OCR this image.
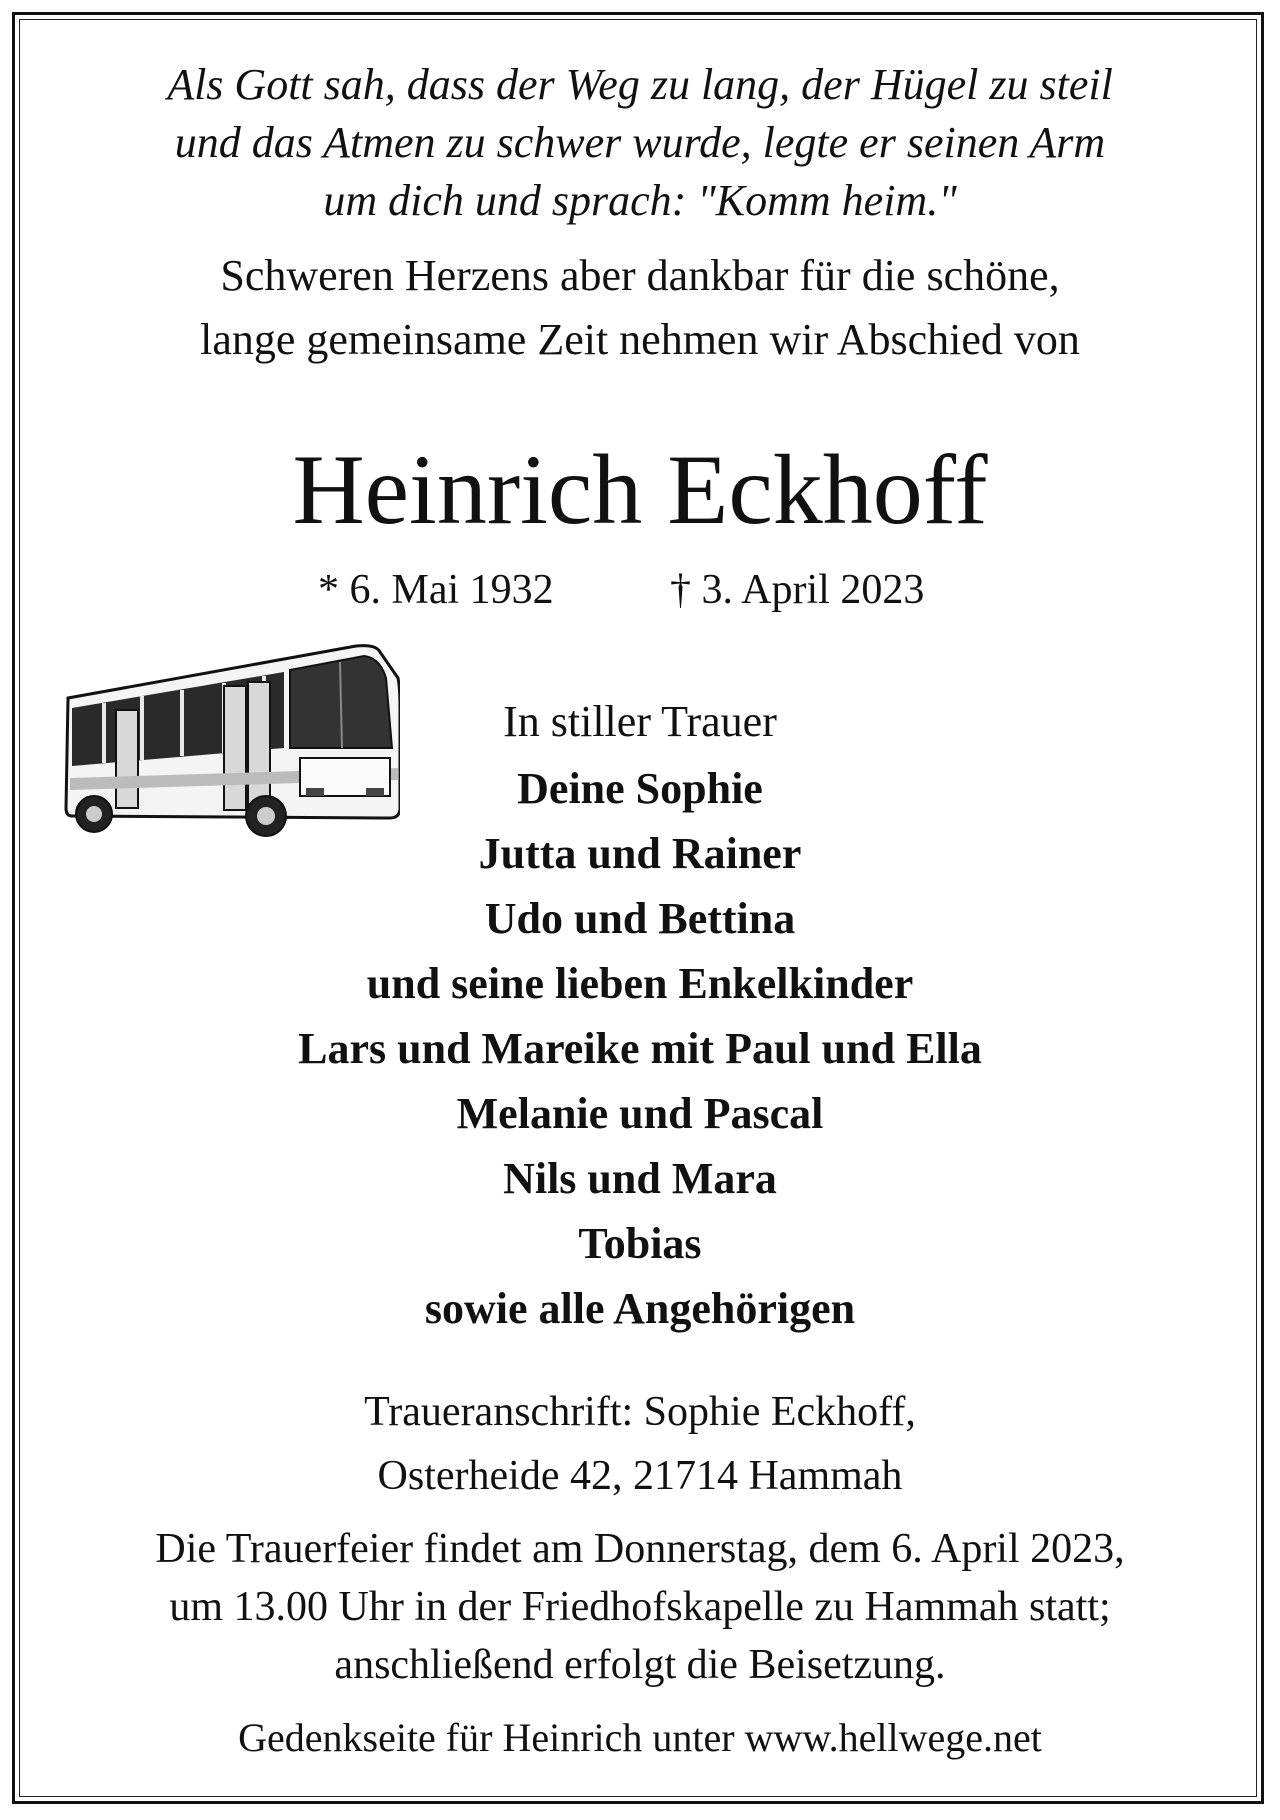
Als Gott sah, dass der Weg zu lang, der Hügel zu steil
und das Atmen zu schwer wurde, legte er seinen Arm
um dich und sprach: "Komm heim."
Schweren Herzens aber dankbar für die schöne,
lange gemeinsame Zeit nehmen wir Abschied von
Heinrich Eckhoff
* 6. Mai 1932	† 3. April 2023
In stiller Trauer
Deine Sophie
Jutta und Rainer
Udo und Bettina
und seine lieben Enkelkinder
Lars und Mareike mit Paul und Ella
Melanie und Pascal
Nils und Mara
Tobias
sowie alle Angehörigen
Traueranschrift: Sophie Eckhoff,
Osterheide 42, 21714 Hammah
Die Trauerfeier findet am Donnerstag, dem 6. April 2023,
um 13.00 Uhr in der Friedhofskapelle zu Hammah statt;
anschließend erfolgt die Beisetzung.
Gedenkseite für Heinrich unter www.hellwege.net
